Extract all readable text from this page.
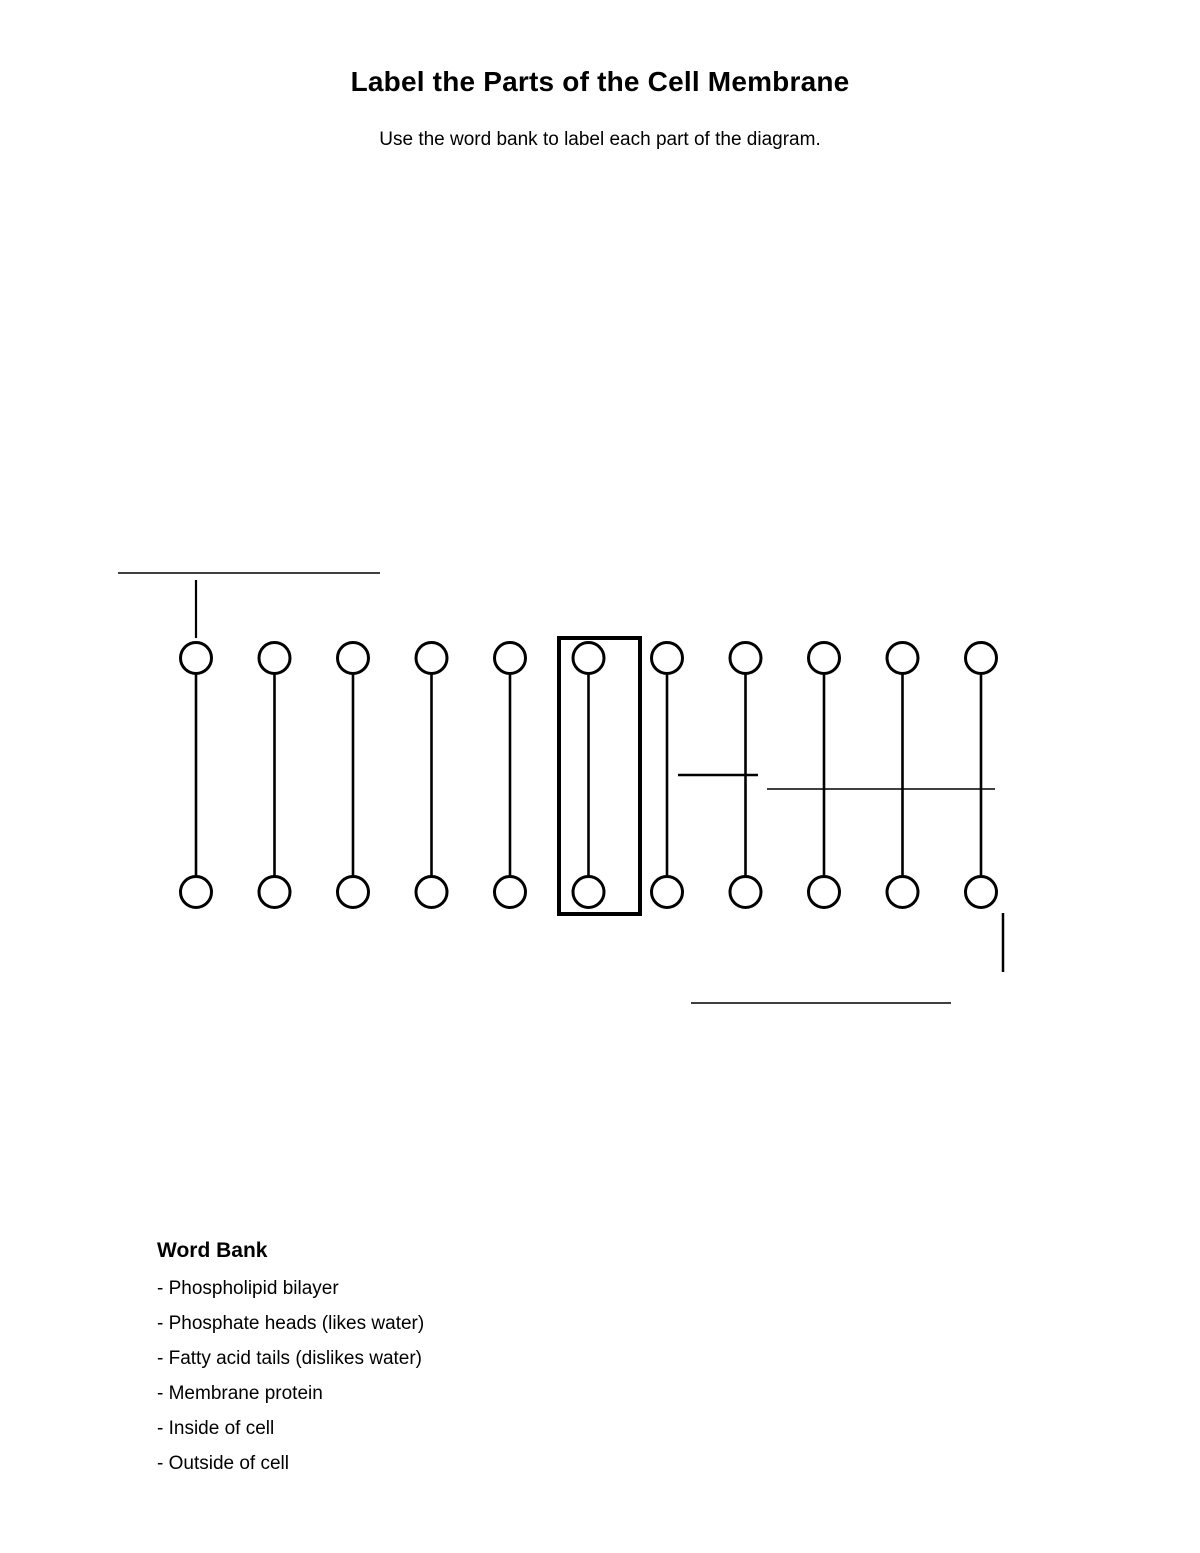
Label the Parts of the Cell Membrane
Use the word bank to label each part of the diagram.
Word Bank
- Phospholipid bilayer
- Phosphate heads (likes water)
- Fatty acid tails (dislikes water)
- Membrane protein
- Inside of cell
- Outside of cell
